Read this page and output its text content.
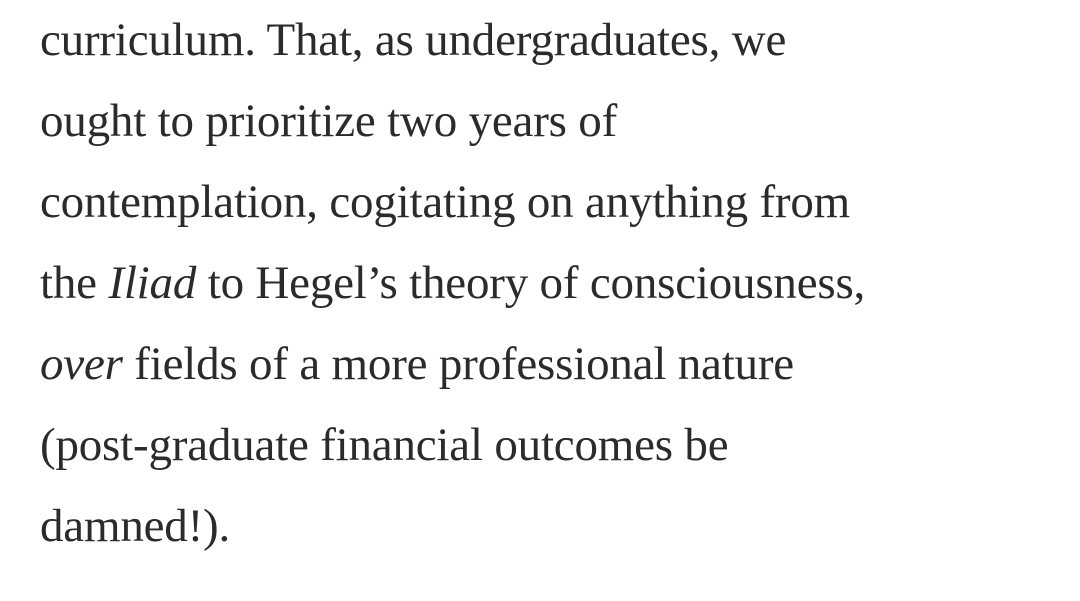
curriculum. That, as undergraduates, we
ought to prioritize two years of
contemplation, cogitating on anything from
the Iliad to Hegel’s theory of consciousness,
over fields of a more professional nature
(post-graduate financial outcomes be
damned!).
